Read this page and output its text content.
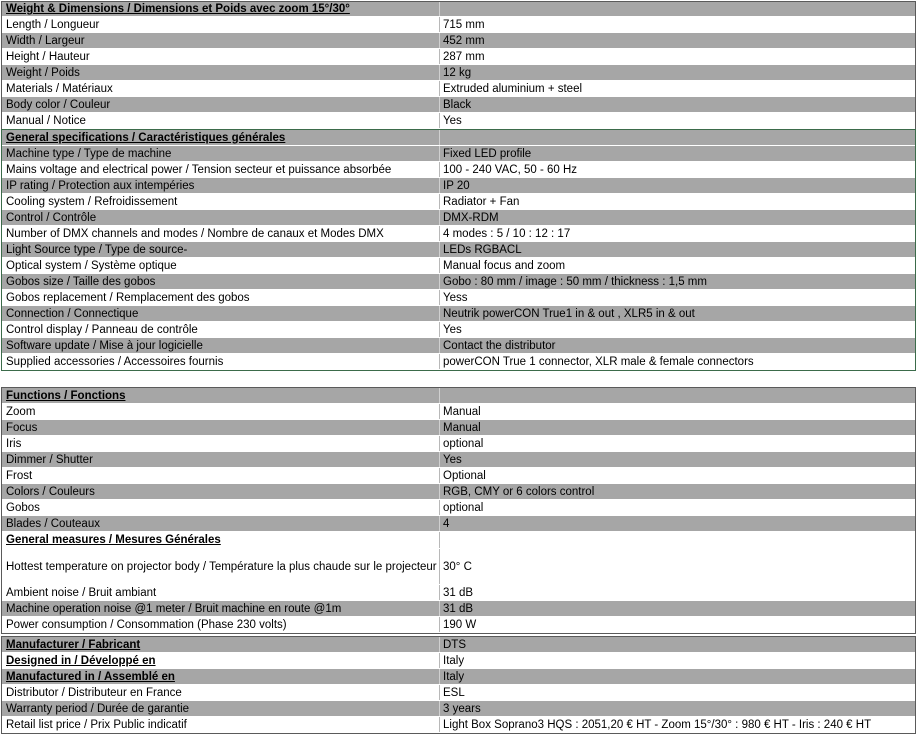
Weight & Dimensions / Dimensions et Poids avec zoom 15°/30°
Length / Longueur	715 mm
Width / Largeur	452 mm
Height / Hauteur	287 mm
Weight / Poids	12 kg
Materials / Matériaux	Extruded aluminium + steel
Body color / Couleur	Black
Manual / Notice	Yes
General specifications / Caractéristiques générales
Machine type / Type de machine	Fixed LED profile
Mains voltage and electrical power / Tension secteur et puissance absorbée	100 - 240 VAC, 50 - 60 Hz
IP rating / Protection aux intempéries	IP 20
Cooling system / Refroidissement	Radiator + Fan
Control / Contrôle	DMX-RDM
Number of DMX channels and modes / Nombre de canaux et Modes DMX	4 modes : 5 / 10 : 12 : 17
Light Source type / Type de source-	LEDs RGBACL
Optical system / Système optique	Manual focus and zoom
Gobos size / Taille des gobos	Gobo : 80 mm / image : 50 mm / thickness : 1,5 mm
Gobos replacement / Remplacement des gobos	Yess
Connection / Connectique	Neutrik powerCON True1 in & out , XLR5 in & out
Control display / Panneau de contrôle	Yes
Software update / Mise à jour logicielle	Contact the distributor
Supplied accessories / Accessoires fournis	powerCON True 1 connector, XLR male & female connectors
Functions / Fonctions
Zoom	Manual
Focus	Manual
Iris	optional
Dimmer / Shutter	Yes
Frost	Optional
Colors / Couleurs	RGB, CMY or 6 colors control
Gobos	optional
Blades / Couteaux	4
General measures / Mesures Générales
Hottest temperature on projector body / Température la plus chaude sur le projecteur 30° C
Ambient noise / Bruit ambiant	31 dB
Machine operation noise @1 meter / Bruit machine en route @1m	31 dB
Power consumption / Consommation (Phase 230 volts)	190 W
Manufacturer / Fabricant	DTS
Designed in / Développé en	Italy
Manufactured in / Assemblé en	Italy
Distributor / Distributeur en France	ESL
Warranty period / Durée de garantie	3 years
Retail list price / Prix Public indicatif	Light Box Soprano3 HQS : 2051,20 € HT - Zoom 15°/30° : 980 € HT - Iris : 240 € HT
